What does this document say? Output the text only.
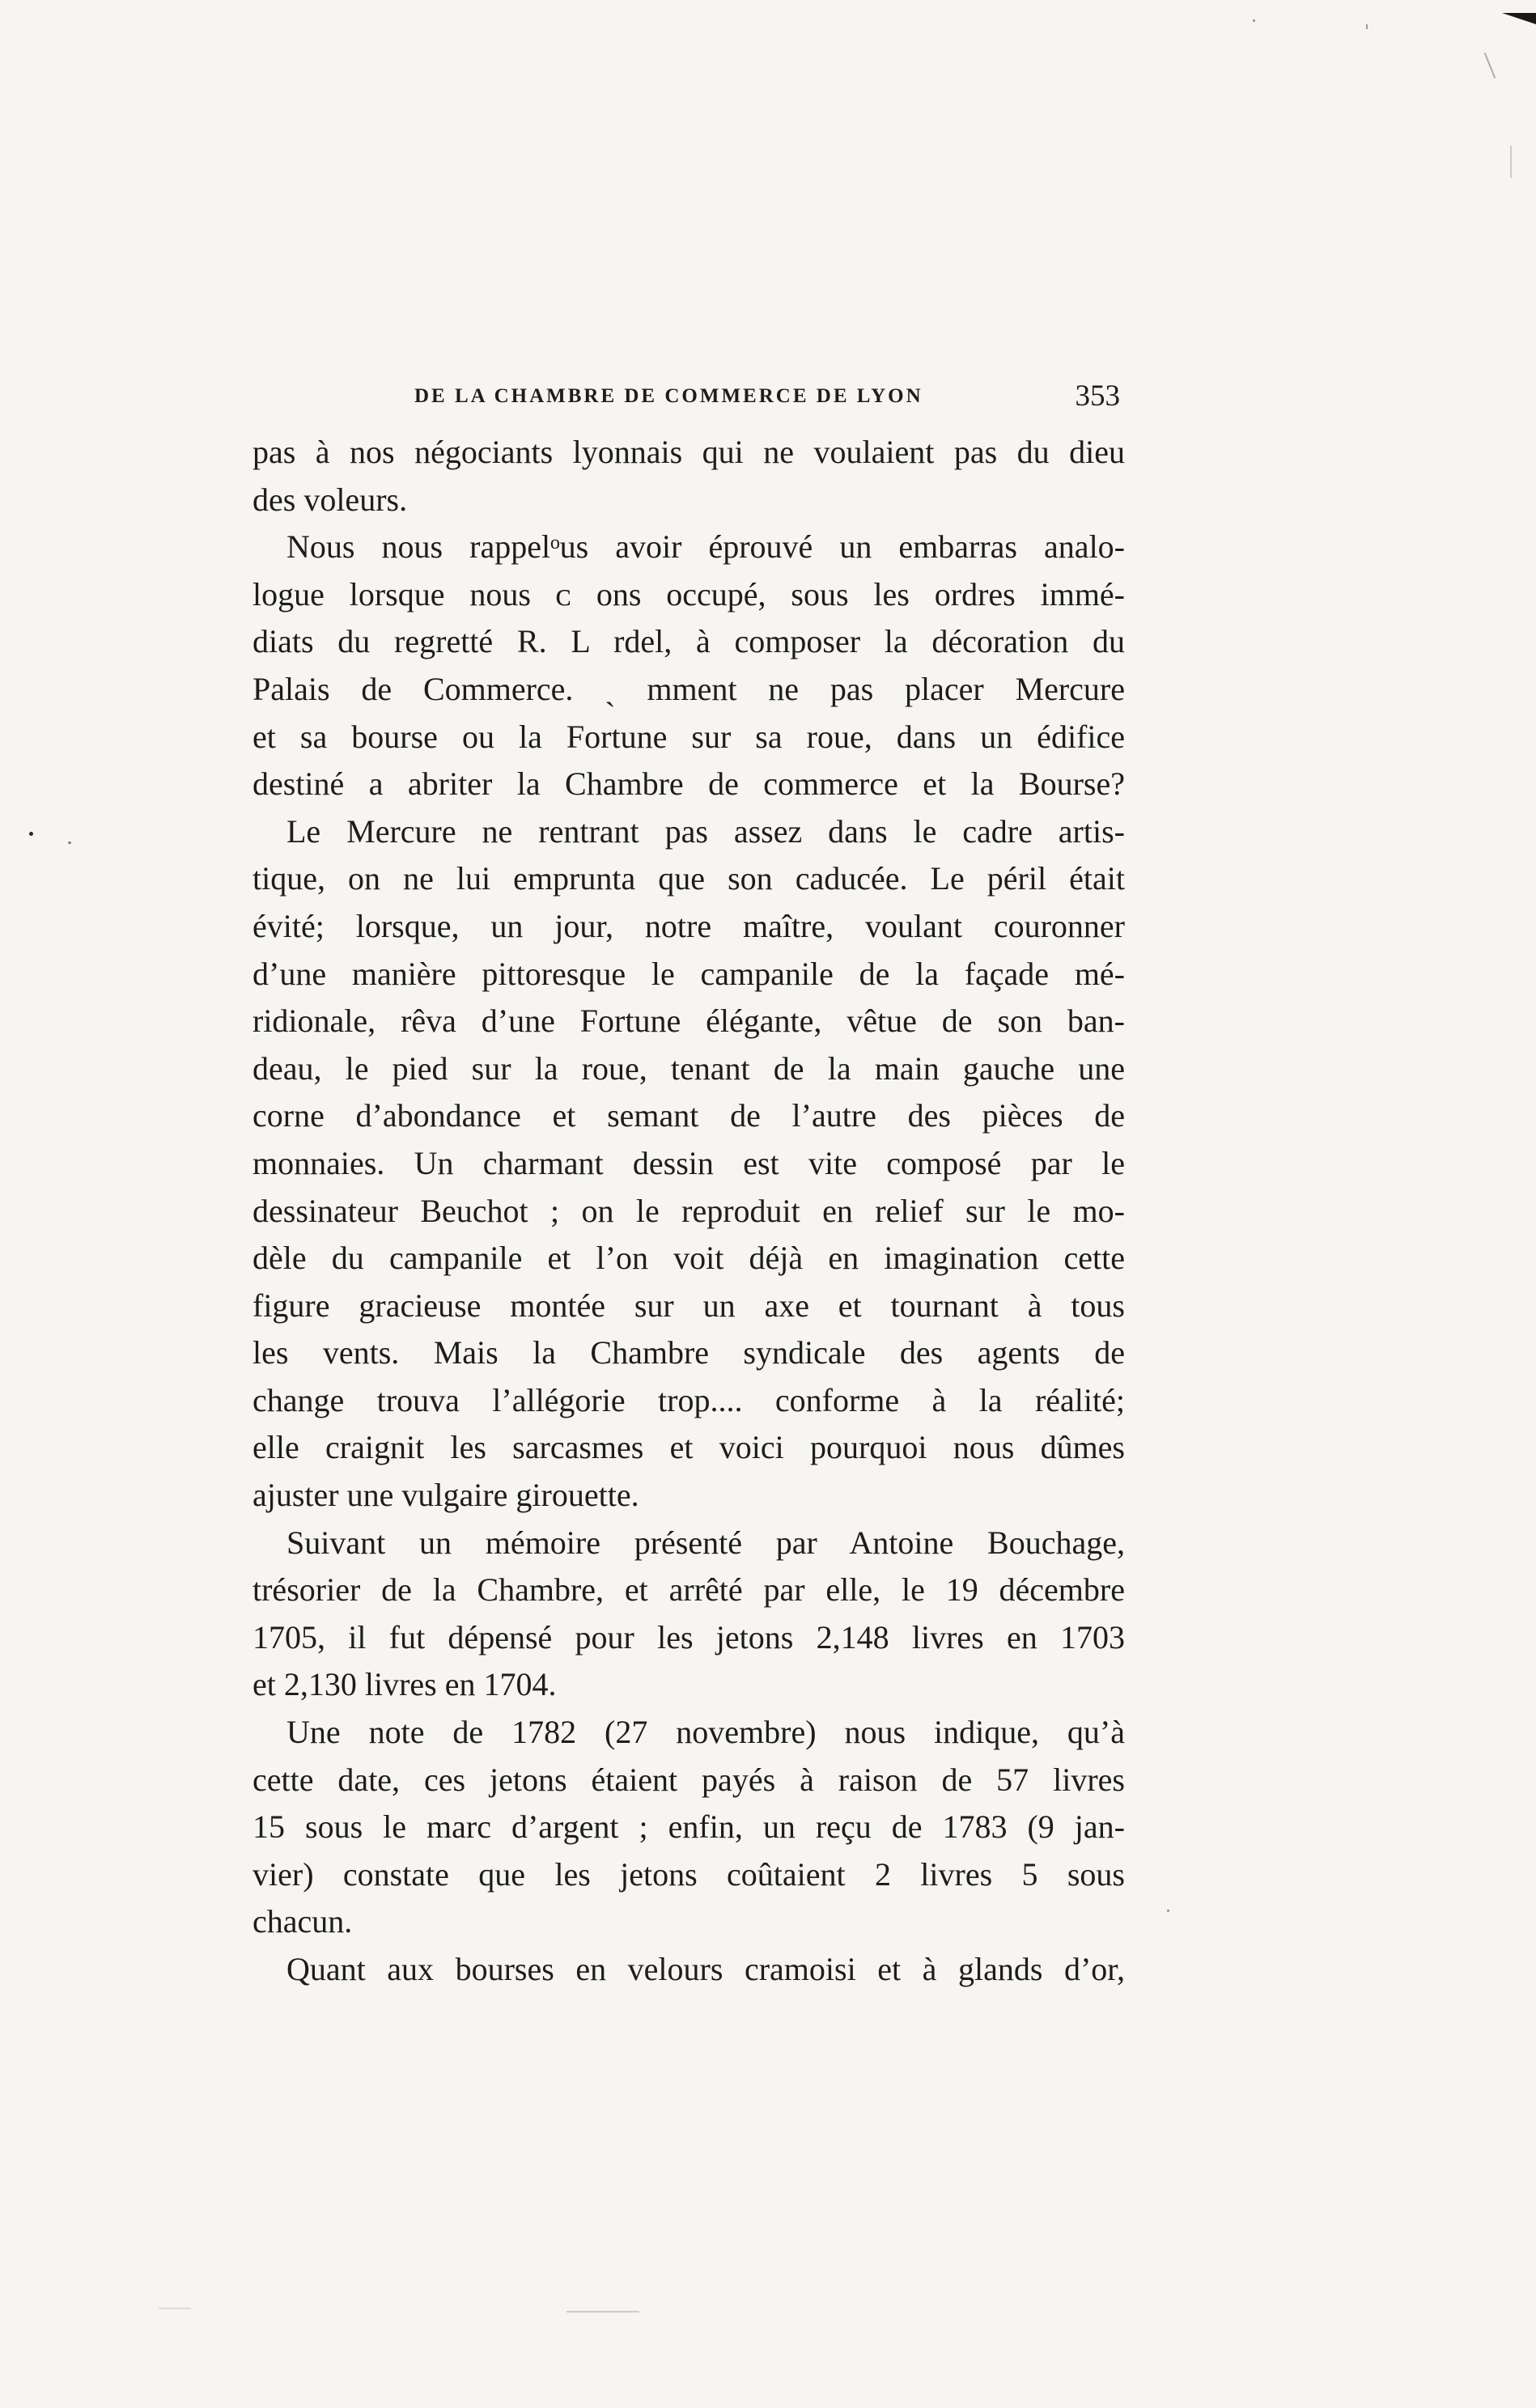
DE LA CHAMBRE DE COMMERCE DE LYON	353
pas à nos négociants lyonnais qui ne voulaient pas du dieu
des voleurs.
Nous nous rappelᵒus avoir éprouvé un embarras analo-
logue lorsque nous ᴄ ons occupé, sous les ordres immé-
diats du regretté R. L rdel, à composer la décoration du
Palais de Commerce. ˎ mment ne pas placer Mercure
et sa bourse ou la Fortune sur sa roue, dans un édifice
destiné a abriter la Chambre de commerce et la Bourse?
Le Mercure ne rentrant pas assez dans le cadre artis-
tique, on ne lui emprunta que son caducée. Le péril était
évité; lorsque, un jour, notre maître, voulant couronner
d’une manière pittoresque le campanile de la façade mé-
ridionale, rêva d’une Fortune élégante, vêtue de son ban-
deau, le pied sur la roue, tenant de la main gauche une
corne d’abondance et semant de l’autre des pièces de
monnaies. Un charmant dessin est vite composé par le
dessinateur Beuchot ; on le reproduit en relief sur le mo-
dèle du campanile et l’on voit déjà en imagination cette
figure gracieuse montée sur un axe et tournant à tous
les vents. Mais la Chambre syndicale des agents de
change trouva l’allégorie trop.... conforme à la réalité;
elle craignit les sarcasmes et voici pourquoi nous dûmes
ajuster une vulgaire girouette.
Suivant un mémoire présenté par Antoine Bouchage,
trésorier de la Chambre, et arrêté par elle, le 19 décembre
1705, il fut dépensé pour les jetons 2,148 livres en 1703
et 2,130 livres en 1704.
Une note de 1782 (27 novembre) nous indique, qu’à
cette date, ces jetons étaient payés à raison de 57 livres
15 sous le marc d’argent ; enfin, un reçu de 1783 (9 jan-
vier) constate que les jetons coûtaient 2 livres 5 sous
chacun.
Quant aux bourses en velours cramoisi et à glands d’or,
